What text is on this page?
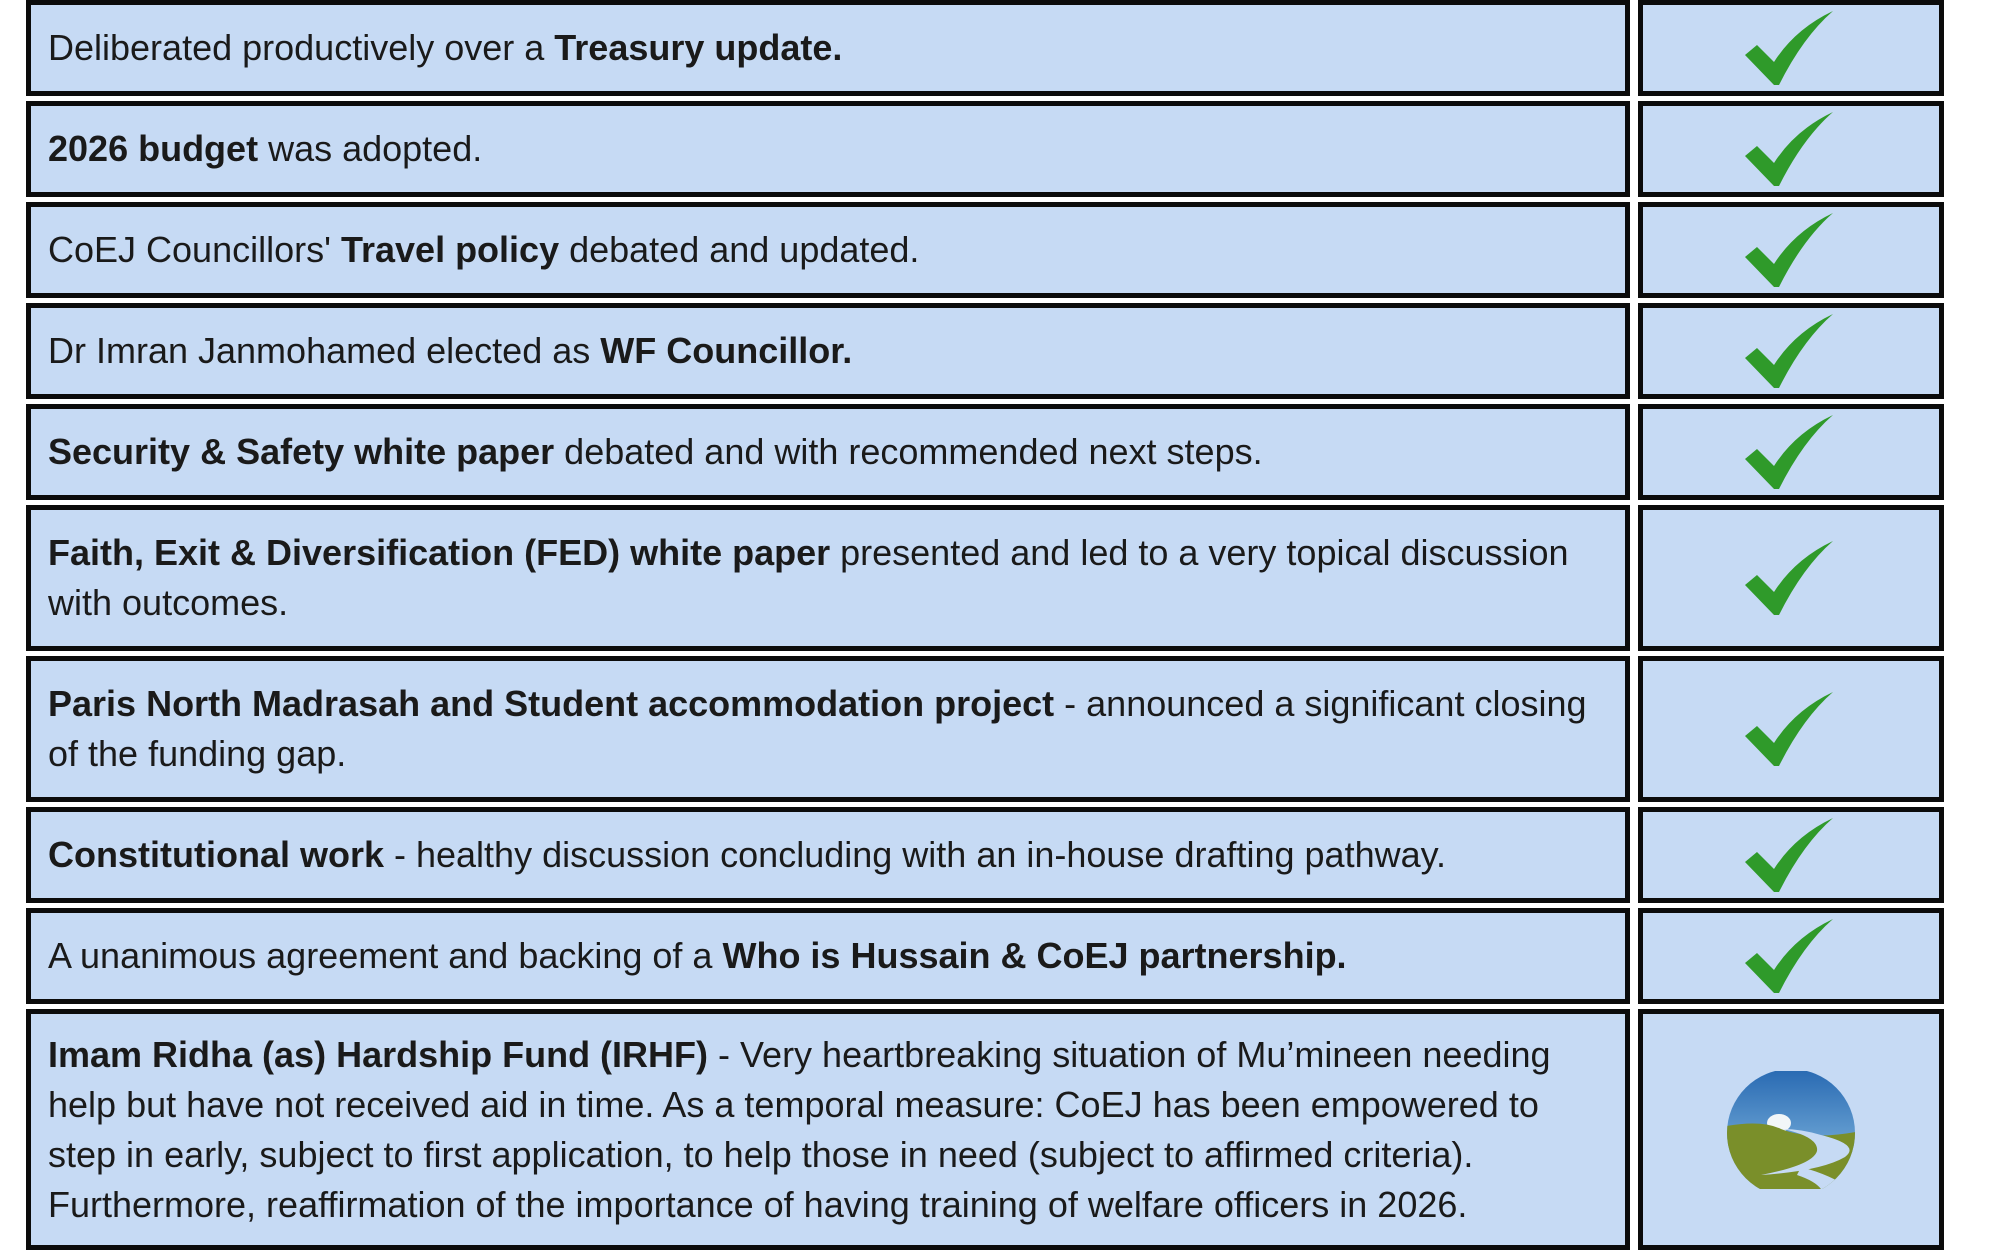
Deliberated productively over a Treasury update.
2026 budget was adopted.
CoEJ Councillors' Travel policy debated and updated.
Dr Imran Janmohamed elected as WF Councillor.
Security & Safety white paper debated and with recommended next steps.
Faith, Exit & Diversification (FED) white paper presented and led to a very topical discussion with outcomes.
Paris North Madrasah and Student accommodation project - announced a significant closing of the funding gap.
Constitutional work - healthy discussion concluding with an in-house drafting pathway.
A unanimous agreement and backing of a Who is Hussain & CoEJ partnership.
Imam Ridha (as) Hardship Fund (IRHF) - Very heartbreaking situation of Mu’mineen needing help but have not received aid in time. As a temporal measure: CoEJ has been empowered to step in early, subject to first application, to help those in need (subject to affirmed criteria). Furthermore, reaffirmation of the importance of having training of welfare officers in 2026.
